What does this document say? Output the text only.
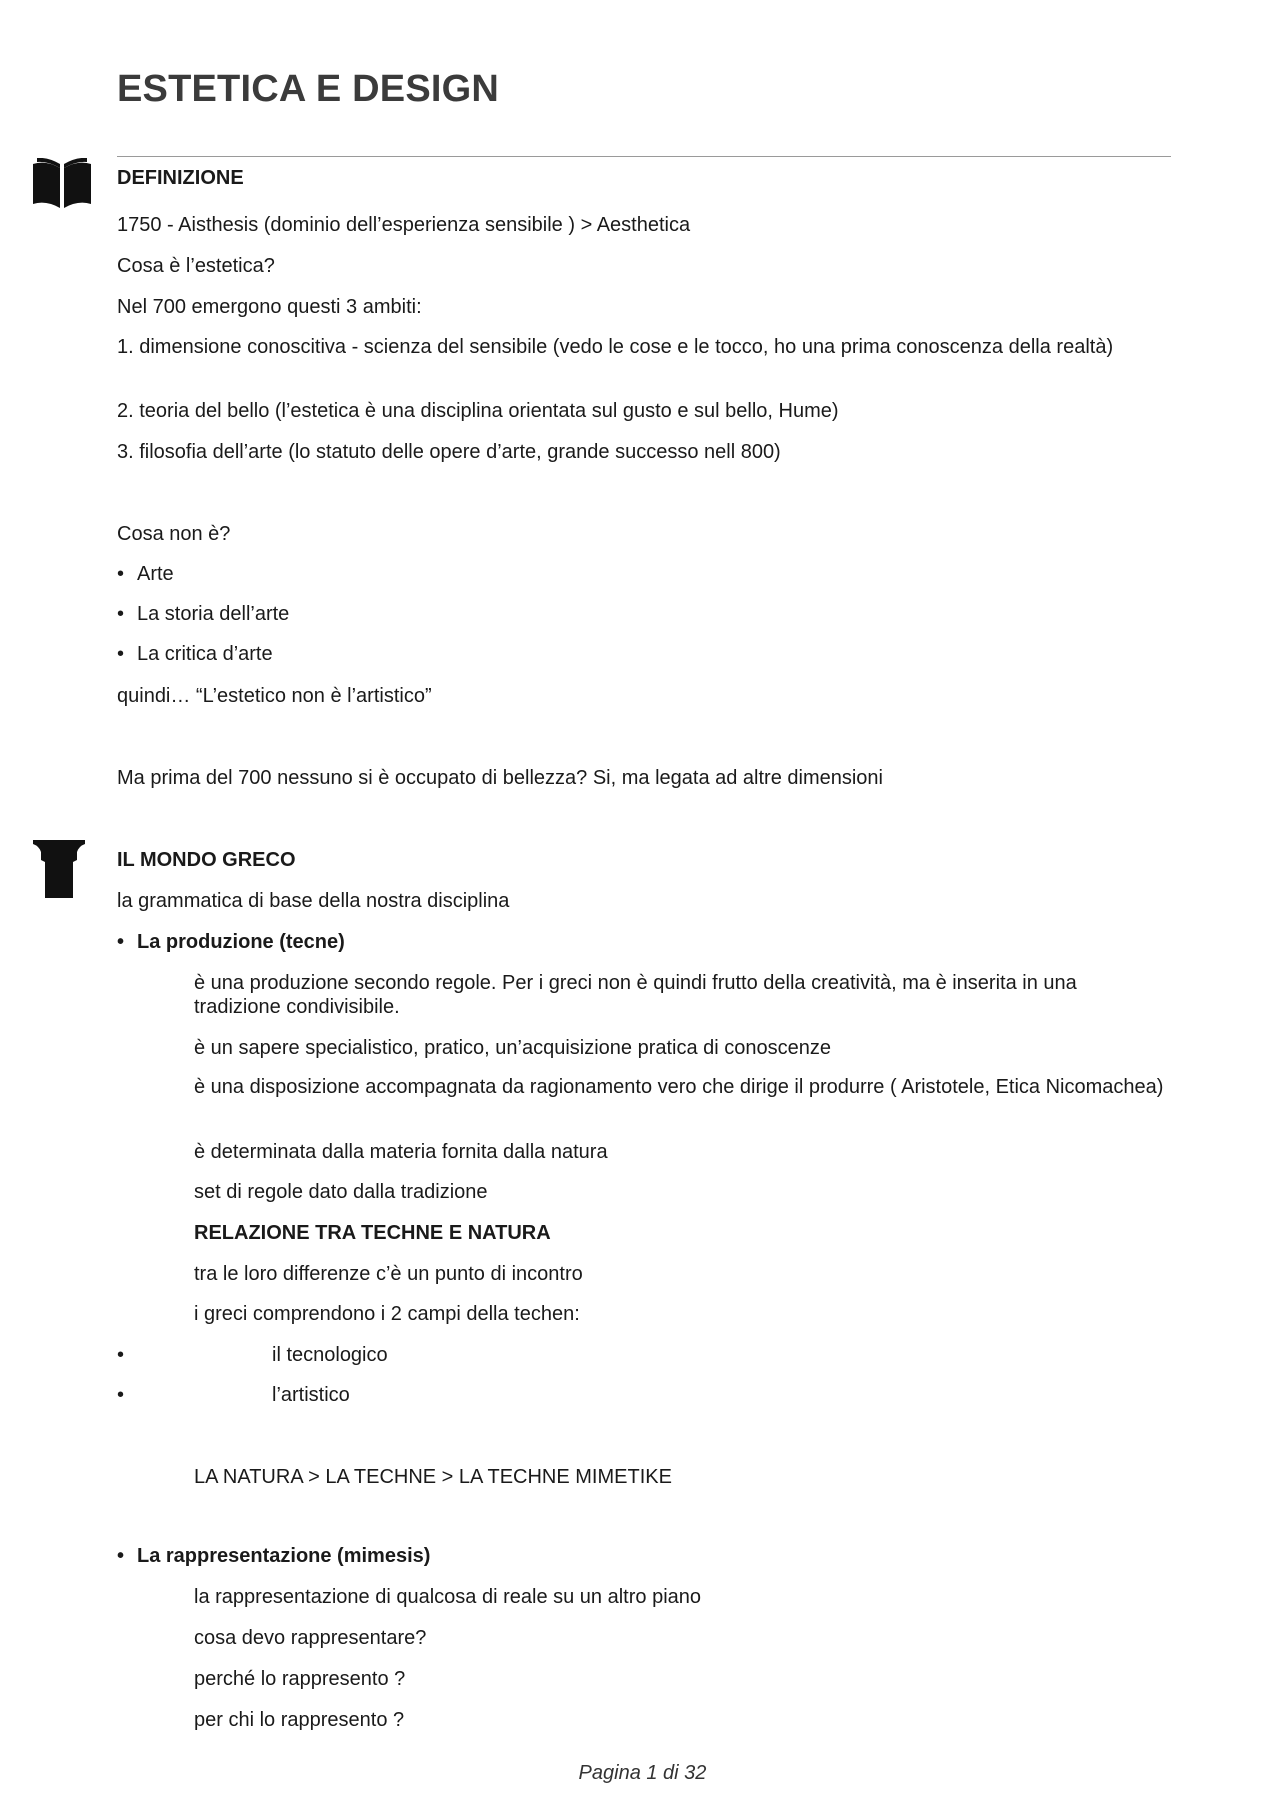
ESTETICA E DESIGN

DEFINIZIONE

1750 - Aisthesis (dominio dell’esperienza sensibile ) > Aesthetica

Cosa è l’estetica?

Nel 700 emergono questi 3 ambiti:

1. dimensione conoscitiva - scienza del sensibile (vedo le cose e le tocco, ho una prima conoscenza della realtà)

2. teoria del bello (l’estetica è una disciplina orientata sul gusto e sul bello, Hume)

3. filosofia dell’arte (lo statuto delle opere d’arte, grande successo nell 800)

Cosa non è?

• Arte
• La storia dell’arte
• La critica d’arte

quindi… “L’estetico non è l’artistico”

Ma prima del 700 nessuno si è occupato di bellezza? Si, ma legata ad altre dimensioni

IL MONDO GRECO

la grammatica di base della nostra disciplina

• La produzione (tecne)

è una produzione secondo regole. Per i greci non è quindi frutto della creatività, ma è inserita in una tradizione condivisibile.

è un sapere specialistico, pratico, un’acquisizione pratica di conoscenze

è una disposizione accompagnata da ragionamento vero che dirige il produrre ( Aristotele, Etica Nicomachea)

è determinata dalla materia fornita dalla natura

set di regole dato dalla tradizione

RELAZIONE TRA TECHNE E NATURA

tra le loro differenze c’è un punto di incontro

i greci comprendono i 2 campi della techen:

•	il tecnologico
•	l’artistico

LA NATURA > LA TECHNE > LA TECHNE MIMETIKE

• La rappresentazione (mimesis)

la rappresentazione di qualcosa di reale su un altro piano

cosa devo rappresentare?

perché lo rappresento ?

per chi lo rappresento ?

Pagina 1 di 32
